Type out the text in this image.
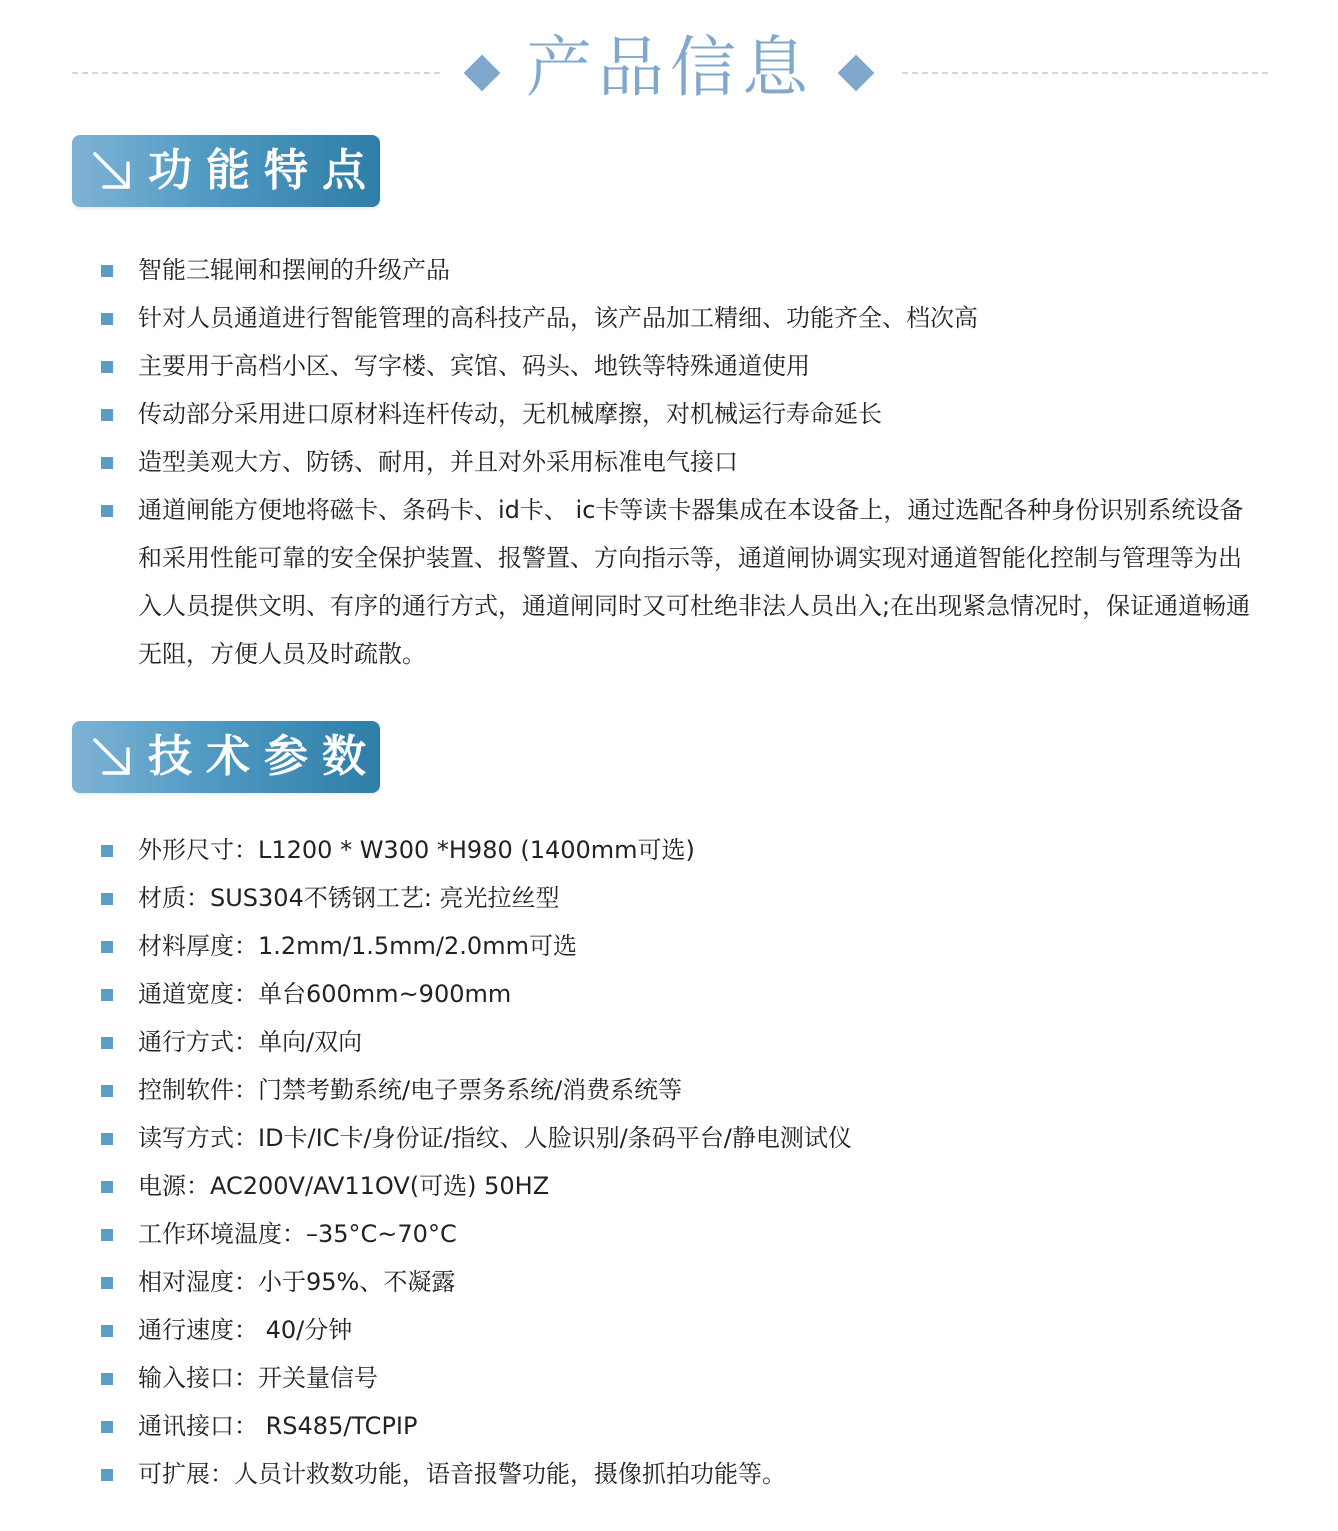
产品信息
功能特点
智能三辊闸和摆闸的升级产品
针对人员通道进行智能管理的高科技产品，该产品加工精细、功能齐全、档次高
主要用于高档小区、写字楼、宾馆、码头、地铁等特殊通道使用
传动部分采用进口原材料连杆传动，无机械摩擦，对机械运行寿命延长
造型美观大方、防锈、耐用，并且对外采用标准电气接口
通道闸能方便地将磁卡、条码卡、id卡、 ic卡等读卡器集成在本设备上，通过选配各种身份识别系统设备和采用性能可靠的安全保护装置、报警置、方向指示等，通道闸协调实现对通道智能化控制与管理等为出入人员提供文明、有序的通行方式，通道闸同时又可杜绝非法人员出入;在出现紧急情况时，保证通道畅通无阻，方便人员及时疏散。
技术参数
外形尺寸：L1200 * W300 *H980 (1400mm可选)
材质：SUS304不锈钢工艺: 亮光拉丝型
材料厚度：1.2mm/1.5mm/2.0mm可选
通道宽度：单台600mm~900mm
通行方式：单向/双向
控制软件：门禁考勤系统/电子票务系统/消费系统等
读写方式：ID卡/IC卡/身份证/指纹、人脸识别/条码平台/静电测试仪
电源：AC200V/AV11OV(可选) 50HZ
工作环境温度：–35°C~70°C
相对湿度：小于95%、不凝露
通行速度： 40/分钟
输入接口：开关量信号
通讯接口： RS485/TCPIP
可扩展：人员计救数功能，语音报警功能，摄像抓拍功能等。
